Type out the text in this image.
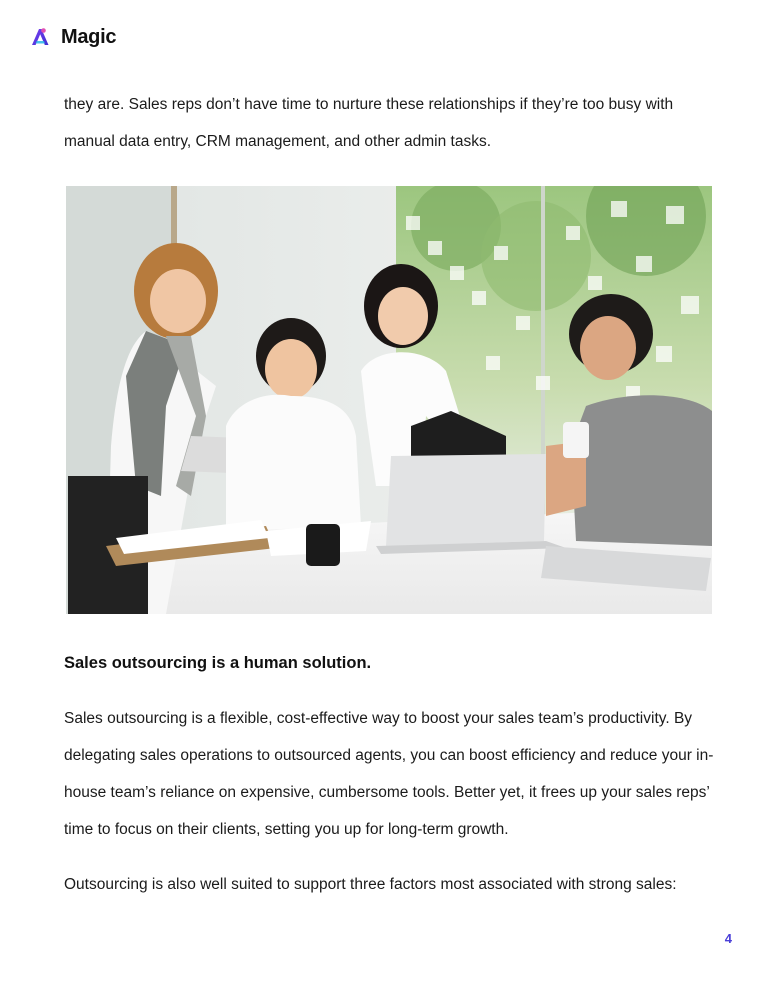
Magic

they are. Sales reps don’t have time to nurture these relationships if they’re too busy with manual data entry, CRM management, and other admin tasks.

Sales outsourcing is a human solution.

Sales outsourcing is a flexible, cost-effective way to boost your sales team’s productivity. By delegating sales operations to outsourced agents, you can boost efficiency and reduce your in-house team’s reliance on expensive, cumbersome tools. Better yet, it frees up your sales reps’ time to focus on their clients, setting you up for long-term growth.

Outsourcing is also well suited to support three factors most associated with strong sales:

4
